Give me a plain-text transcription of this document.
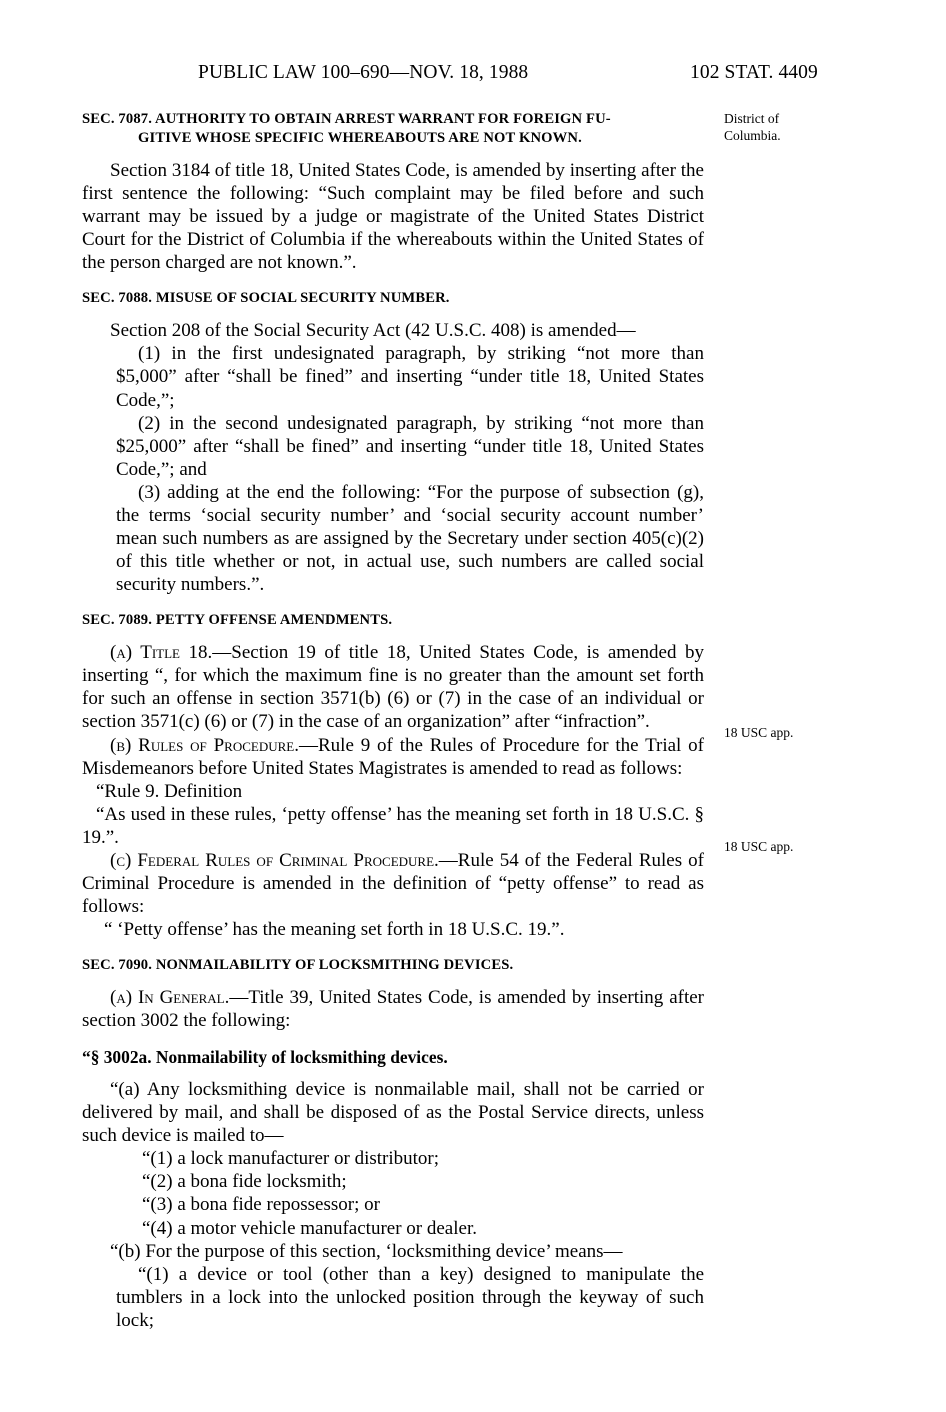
PUBLIC LAW 100–690—NOV. 18, 1988	102 STAT. 4409
District of
Columbia.
18 USC app.
18 USC app.
SEC. 7087. AUTHORITY TO OBTAIN ARREST WARRANT FOR FOREIGN FU-
GITIVE WHOSE SPECIFIC WHEREABOUTS ARE NOT KNOWN.

Section 3184 of title 18, United States Code, is amended by inserting after the first sentence the following: “Such complaint may be filed before and such warrant may be issued by a judge or magistrate of the United States District Court for the District of Columbia if the whereabouts within the United States of the person charged are not known.”.

SEC. 7088. MISUSE OF SOCIAL SECURITY NUMBER.

Section 208 of the Social Security Act (42 U.S.C. 408) is amended—

(1) in the first undesignated paragraph, by striking “not more than $5,000” after “shall be fined” and inserting “under title 18, United States Code,”;

(2) in the second undesignated paragraph, by striking “not more than $25,000” after “shall be fined” and inserting “under title 18, United States Code,”; and

(3) adding at the end the following: “For the purpose of subsection (g), the terms ‘social security number’ and ‘social security account number’ mean such numbers as are assigned by the Secretary under section 405(c)(2) of this title whether or not, in actual use, such numbers are called social security numbers.”.

SEC. 7089. PETTY OFFENSE AMENDMENTS.

(a) Title 18.—Section 19 of title 18, United States Code, is amended by inserting “, for which the maximum fine is no greater than the amount set forth for such an offense in section 3571(b) (6) or (7) in the case of an individual or section 3571(c) (6) or (7) in the case of an organization” after “infraction”.

(b) Rules of Procedure.—Rule 9 of the Rules of Procedure for the Trial of Misdemeanors before United States Magistrates is amended to read as follows:

“Rule 9. Definition

“As used in these rules, ‘petty offense’ has the meaning set forth in 18 U.S.C. § 19.”.

(c) Federal Rules of Criminal Procedure.—Rule 54 of the Federal Rules of Criminal Procedure is amended in the definition of “petty offense” to read as follows:

“ ‘Petty offense’ has the meaning set forth in 18 U.S.C. 19.”.

SEC. 7090. NONMAILABILITY OF LOCKSMITHING DEVICES.

(a) In General.—Title 39, United States Code, is amended by inserting after section 3002 the following:

“§ 3002a. Nonmailability of locksmithing devices.

“(a) Any locksmithing device is nonmailable mail, shall not be carried or delivered by mail, and shall be disposed of as the Postal Service directs, unless such device is mailed to—

“(1) a lock manufacturer or distributor;

“(2) a bona fide locksmith;

“(3) a bona fide repossessor; or

“(4) a motor vehicle manufacturer or dealer.

“(b) For the purpose of this section, ‘locksmithing device’ means—

“(1) a device or tool (other than a key) designed to manipulate the tumblers in a lock into the unlocked position through the keyway of such lock;
